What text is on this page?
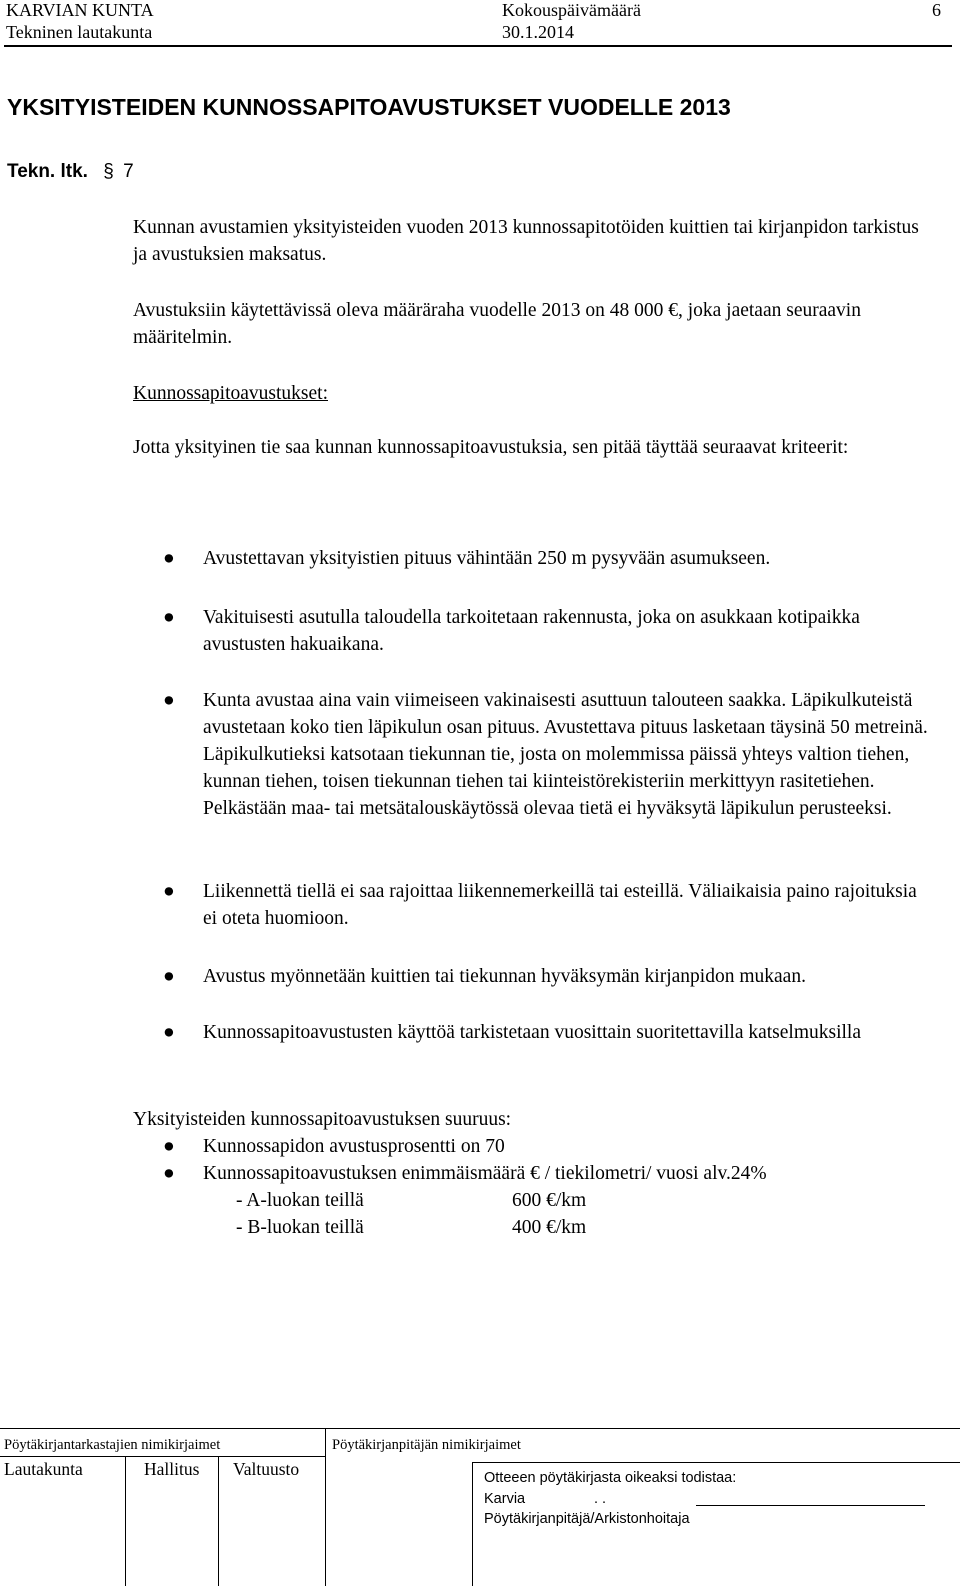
KARVIAN KUNTA
Tekninen lautakunta
Kokouspäivämäärä
30.1.2014
6
YKSITYISTEIDEN KUNNOSSAPITOAVUSTUKSET VUODELLE 2013
Tekn. ltk. § 7
Kunnan avustamien yksityisteiden vuoden 2013 kunnossapitotöiden kuittien tai kirjanpidon tarkistus ja avustuksien maksatus.
Avustuksiin käytettävissä oleva määräraha vuodelle 2013 on 48 000 €, joka jaetaan seuraavin määritelmin.
Kunnossapitoavustukset:
Jotta yksityinen tie saa kunnan kunnossapitoavustuksia, sen pitää täyttää seuraavat kriteerit:
● Avustettavan yksityistien pituus vähintään 250 m pysyvään asumukseen.
● Vakituisesti asutulla taloudella tarkoitetaan rakennusta, joka on asukkaan kotipaikka avustusten hakuaikana.
● Kunta avustaa aina vain viimeiseen vakinaisesti asuttuun talouteen saakka. Läpikulkuteistä avustetaan koko tien läpikulun osan pituus. Avustettava pituus lasketaan täysinä 50 metreinä. Läpikulkutieksi katsotaan tiekunnan tie, josta on molemmissa päissä yhteys valtion tiehen, kunnan tiehen, toisen tiekunnan tiehen tai kiinteistörekisteriin merkittyyn rasitetiehen. Pelkästään maa- tai metsätalouskäytössä olevaa tietä ei hyväksytä läpikulun perusteeksi.
● Liikennettä tiellä ei saa rajoittaa liikennemerkeillä tai esteillä. Väliaikaisia paino rajoituksia ei oteta huomioon.
● Avustus myönnetään kuittien tai tiekunnan hyväksymän kirjanpidon mukaan.
● Kunnossapitoavustusten käyttöä tarkistetaan vuosittain suoritettavilla katselmuksilla
Yksityisteiden kunnossapitoavustuksen suuruus:
● Kunnossapidon avustusprosentti on 70
● Kunnossapitoavustuksen enimmäismäärä € / tiekilometri/ vuosi alv.24%
- A-luokan teillä	600 €/km
- B-luokan teillä	400 €/km
Pöytäkirjantarkastajien nimikirjaimet	Pöytäkirjanpitäjän nimikirjaimet
Lautakunta	Hallitus Valtuusto	Otteeen pöytäkirjasta oikeaksi todistaa:
Karvia	. .
Pöytäkirjanpitäjä/Arkistonhoitaja
